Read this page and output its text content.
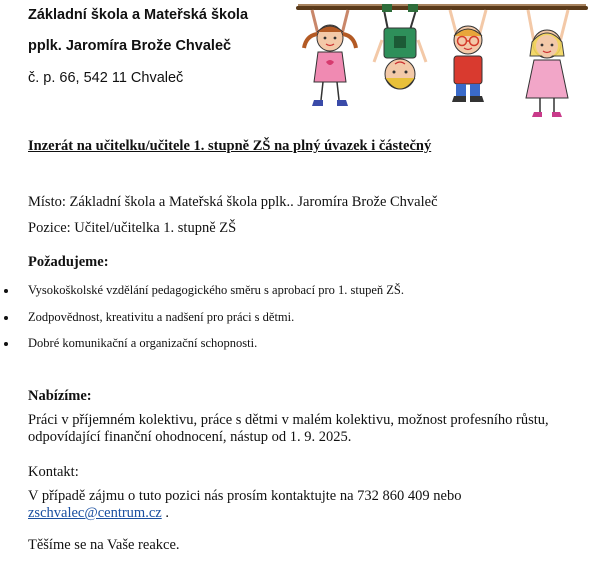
Základní škola a Mateřská škola
pplk. Jaromíra Brože Chvaleč
č. p. 66, 542 11 Chvaleč
Inzerát na učitelku/učitele 1. stupně ZŠ na plný úvazek i částečný
Místo: Základní škola a Mateřská škola pplk.. Jaromíra Brože Chvaleč
Pozice: Učitel/učitelka 1. stupně ZŠ
Požadujeme:
Vysokoškolské vzdělání pedagogického směru s aprobací pro 1. stupeň ZŠ.
Zodpovědnost, kreativitu a nadšení pro práci s dětmi.
Dobré komunikační a organizační schopnosti.
Nabízíme:
Práci v příjemném kolektivu, práce s dětmi v malém kolektivu, možnost profesního růstu, odpovídající finanční ohodnocení, nástup od 1. 9. 2025.
Kontakt:
V případě zájmu o tuto pozici nás prosím kontaktujte na 732 860 409 nebo
zschvalec@centrum.cz .
Těšíme se na Vaše reakce.
